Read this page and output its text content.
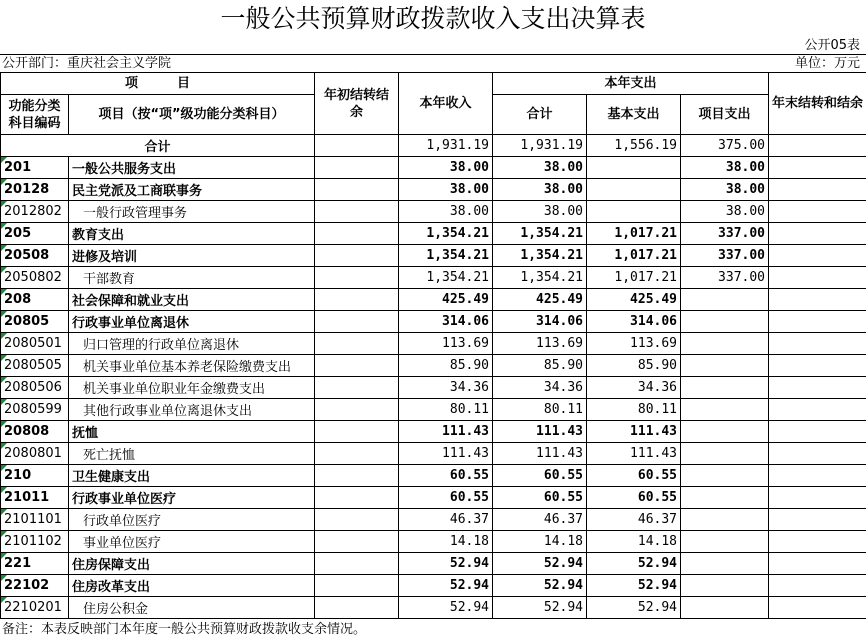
一般公共预算财政拨款收入支出决算表
公开05表
公开部门：重庆社会主义学院	单位：万元
项　　　目		年初结转结余	本年收入	本年支出			年末结转和结余
功能分类科目编码	项目（按“项”级功能分类科目）			合计	基本支出	项目支出	
合计			1,931.19	1,931.19	1,556.19	375.00	
201	一般公共服务支出		38.00	38.00		38.00	
20128	民主党派及工商联事务		38.00	38.00		38.00	
2012802	一般行政管理事务		38.00	38.00		38.00	
205	教育支出		1,354.21	1,354.21	1,017.21	337.00	
20508	进修及培训		1,354.21	1,354.21	1,017.21	337.00	
2050802	干部教育		1,354.21	1,354.21	1,017.21	337.00	
208	社会保障和就业支出		425.49	425.49	425.49		
20805	行政事业单位离退休		314.06	314.06	314.06		
2080501	归口管理的行政单位离退休		113.69	113.69	113.69		
2080505	机关事业单位基本养老保险缴费支出		85.90	85.90	85.90		
2080506	机关事业单位职业年金缴费支出		34.36	34.36	34.36		
2080599	其他行政事业单位离退休支出		80.11	80.11	80.11		
20808	抚恤		111.43	111.43	111.43		
2080801	死亡抚恤		111.43	111.43	111.43		
210	卫生健康支出		60.55	60.55	60.55		
21011	行政事业单位医疗		60.55	60.55	60.55		
2101101	行政单位医疗		46.37	46.37	46.37		
2101102	事业单位医疗		14.18	14.18	14.18		
221	住房保障支出		52.94	52.94	52.94		
22102	住房改革支出		52.94	52.94	52.94		
2210201	住房公积金		52.94	52.94	52.94		
备注：本表反映部门本年度一般公共预算财政拨款收支余情况。
